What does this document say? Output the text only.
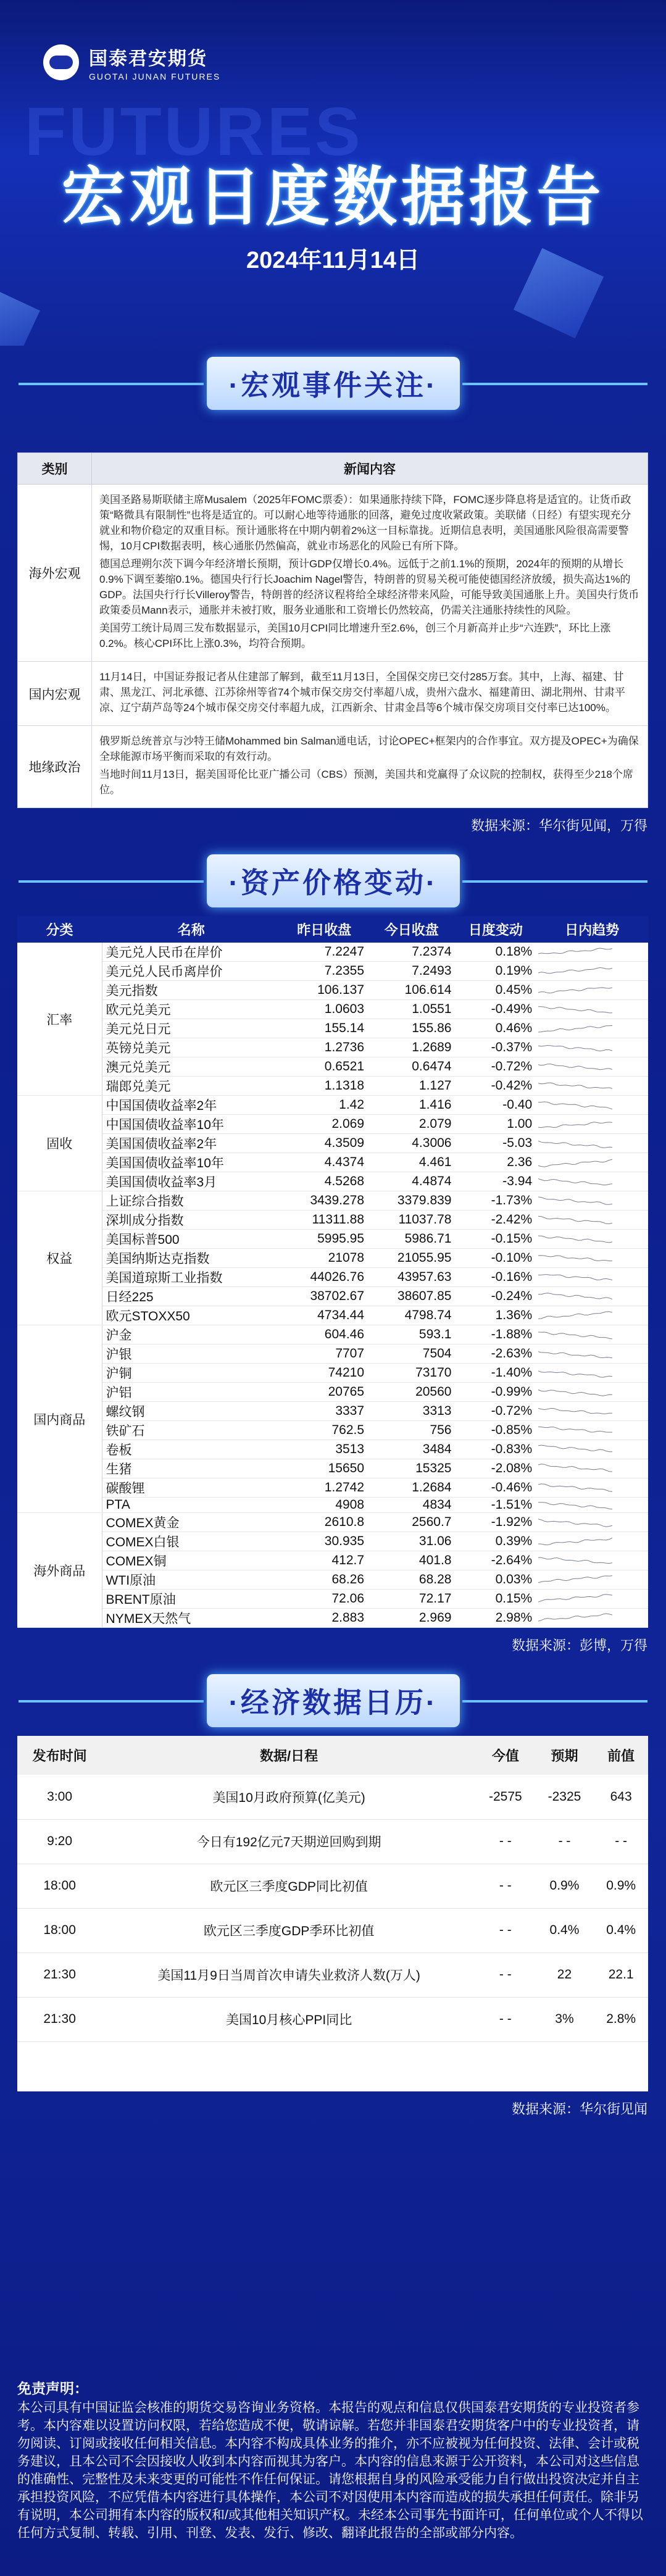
FUTURES
国泰君安期货
GUOTAI JUNAN FUTURES
宏观日度数据报告
2024年11月14日
·宏观事件关注·
类别	新闻内容
海外宏观	美国圣路易斯联储主席Musalem（2025年FOMC票委）：如果通胀持续下降，FOMC逐步降息将是适宜的。让货币政策“略微具有限制性”也将是适宜的。可以耐心地等待通胀的回落，避免过度收紧政策。美联储（日经）有望实现充分就业和物价稳定的双重目标。预计通胀将在中期内朝着2%这一目标靠拢。近期信息表明，美国通胀风险很高需要警惕，10月CPI数据表明，核心通胀仍然偏高，就业市场恶化的风险已有所下降。

德国总理朔尔茨下调今年经济增长预期，预计GDP仅增长0.4%。远低于之前1.1%的预期，2024年的预期的从增长0.9%下调至萎缩0.1%。德国央行行长Joachim Nagel警告，特朗普的贸易关税可能使德国经济放缓，损失高达1%的GDP。法国央行行长Villeroy警告，特朗普的经济议程将给全球经济带来风险，可能导致美国通胀上升。美国央行货币政策委员Mann表示，通胀并未被打败，服务业通胀和工资增长仍然较高，仍需关注通胀持续性的风险。

美国劳工统计局周三发布数据显示，美国10月CPI同比增速升至2.6%，创三个月新高并止步“六连跌”，环比上涨0.2%。核心CPI环比上涨0.3%，均符合预期。

国内宏观	11月14日，中国证券报记者从住建部了解到，截至11月13日，全国保交房已交付285万套。其中，上海、福建、甘肃、黑龙江、河北承德、江苏徐州等省74个城市保交房交付率超八成，贵州六盘水、福建莆田、湖北荆州、甘肃平凉、辽宁葫芦岛等24个城市保交房交付率超九成，江西新余、甘肃金昌等6个城市保交房项目交付率已达100%。

地缘政治	俄罗斯总统普京与沙特王储Mohammed bin Salman通电话，讨论OPEC+框架内的合作事宜。双方提及OPEC+为确保全球能源市场平衡而采取的有效行动。

当地时间11月13日，据美国哥伦比亚广播公司（CBS）预测，美国共和党赢得了众议院的控制权，获得至少218个席位。

数据来源：华尔街见闻，万得
·资产价格变动·
分类	名称	昨日收盘	今日收盘	日度变动	日内趋势
汇率	美元兑人民币在岸价	7.2247	7.2374	0.18%	

	美元兑人民币离岸价	7.2355	7.2493	0.19%	

	美元指数	106.137	106.614	0.45%	

	欧元兑美元	1.0603	1.0551	-0.49%	

	美元兑日元	155.14	155.86	0.46%	

	英镑兑美元	1.2736	1.2689	-0.37%	

	澳元兑美元	0.6521	0.6474	-0.72%	

	瑞郎兑美元	1.1318	1.127	-0.42%	

固收	中国国债收益率2年	1.42	1.416	-0.40	

	中国国债收益率10年	2.069	2.079	1.00	

	美国国债收益率2年	4.3509	4.3006	-5.03	

	美国国债收益率10年	4.4374	4.461	2.36	

	美国国债收益率3月	4.5268	4.4874	-3.94	

权益	上证综合指数	3439.278	3379.839	-1.73%	

	深圳成分指数	11311.88	11037.78	-2.42%	

	美国标普500	5995.95	5986.71	-0.15%	

	美国纳斯达克指数	21078	21055.95	-0.10%	

	美国道琼斯工业指数	44026.76	43957.63	-0.16%	

	日经225	38702.67	38607.85	-0.24%	

	欧元STOXX50	4734.44	4798.74	1.36%	

国内商品	沪金	604.46	593.1	-1.88%	

	沪银	7707	7504	-2.63%	

	沪铜	74210	73170	-1.40%	

	沪铝	20765	20560	-0.99%	

	螺纹钢	3337	3313	-0.72%	

	铁矿石	762.5	756	-0.85%	

	卷板	3513	3484	-0.83%	

	生猪	15650	15325	-2.08%	

	碳酸锂	1.2742	1.2684	-0.46%	

	PTA	4908	4834	-1.51%	

海外商品	COMEX黄金	2610.8	2560.7	-1.92%	

	COMEX白银	30.935	31.06	0.39%	

	COMEX铜	412.7	401.8	-2.64%	

	WTI原油	68.26	68.28	0.03%	

	BRENT原油	72.06	72.17	0.15%	

	NYMEX天然气	2.883	2.969	2.98%	
数据来源：彭博，万得
·经济数据日历·
发布时间	数据/日程	今值	预期	前值
3:00	美国10月政府预算(亿美元)	-2575	-2325	643
9:20	今日有192亿元7天期逆回购到期	- -	- -	- -
18:00	欧元区三季度GDP同比初值	- -	0.9%	0.9%
18:00	欧元区三季度GDP季环比初值	- -	0.4%	0.4%
21:30	美国11月9日当周首次申请失业救济人数(万人)	- -	22	22.1
21:30	美国10月核心PPI同比	- -	3%	2.8%
数据来源：华尔街见闻
免责声明：

本公司具有中国证监会核准的期货交易咨询业务资格。本报告的观点和信息仅供国泰君安期货的专业投资者参考。本内容难以设置访问权限，若给您造成不便，敬请谅解。若您并非国泰君安期货客户中的专业投资者，请勿阅读、订阅或接收任何相关信息。本内容不构成具体业务的推介，亦不应被视为任何投资、法律、会计或税务建议，且本公司不会因接收人收到本内容而视其为客户。本内容的信息来源于公开资料，本公司对这些信息的准确性、完整性及未来变更的可能性不作任何保证。请您根据自身的风险承受能力自行做出投资决定并自主承担投资风险，不应凭借本内容进行具体操作，本公司不对因使用本内容而造成的损失承担任何责任。除非另有说明，本公司拥有本内容的版权和/或其他相关知识产权。未经本公司事先书面许可，任何单位或个人不得以任何方式复制、转载、引用、刊登、发表、发行、修改、翻译此报告的全部或部分内容。
